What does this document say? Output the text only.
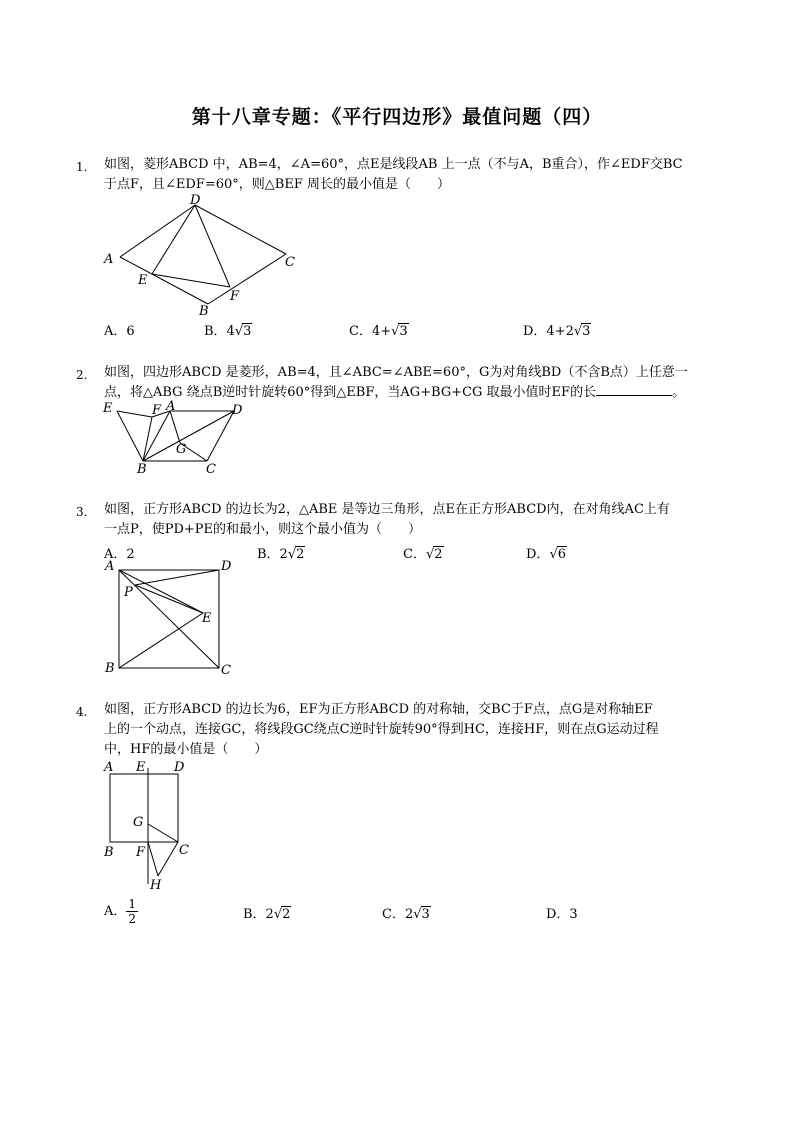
第十八章专题：《平行四边形》最值问题（四）
1. 如图，菱形ABCD 中，AB=4，∠A=60°，点E是线段AB 上一点（不与A，B重合），作∠EDF交BC
于点F，且∠EDF=60°，则△BEF 周长的最小值是（　　）
A
D
C
E
F
B
A．6	B．4√3	C．4+√3	D．4+2√3
2. 如图，四边形ABCD 是菱形，AB=4，且∠ABC=∠ABE=60°，G为对角线BD（不含B点）上任意一
点，将△ABG 绕点B逆时针旋转60°得到△EBF，当AG+BG+CG 取最小值时EF的长	。
E	F A	D
G
B	C
3. 如图，正方形ABCD 的边长为2，△ABE 是等边三角形，点E在正方形ABCD内，在对角线AC上有
一点P，使PD+PE的和最小，则这个最小值为（　　）
A．2	B．2√2	C．√2	D．√6
A	D
P
E
B	C
4. 如图，正方形ABCD 的边长为6，EF为正方形ABCD 的对称轴，交BC于F点，点G是对称轴EF
上的一个动点，连接GC，将线段GC绕点C逆时针旋转90°得到HC，连接HF，则在点G运动过程
中，HF的最小值是（　　）
A E D
G
B F	C
H
A． $\frac{1}{2}$	B．2√2	C．2√3	D．3
